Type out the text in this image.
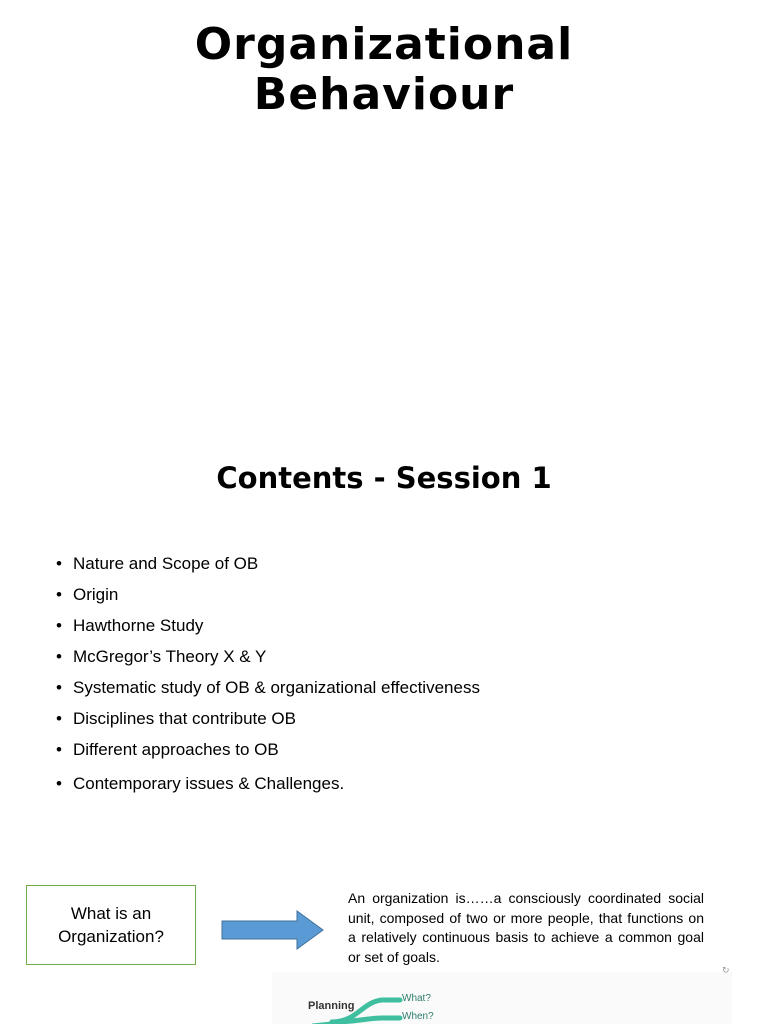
Organizational
Behaviour
Contents - Session 1
• Nature and Scope of OB
• Origin
• Hawthorne Study
• McGregor’s Theory X & Y
• Systematic study of OB & organizational effectiveness
• Disciplines that contribute OB
• Different approaches to OB
• Contemporary issues & Challenges.
What is an
Organization?
An organization is……a consciously coordinated social unit, composed of two or more people, that functions on a relatively continuous basis to achieve a common goal or set of goals.
Planning
What?
When?
↻
